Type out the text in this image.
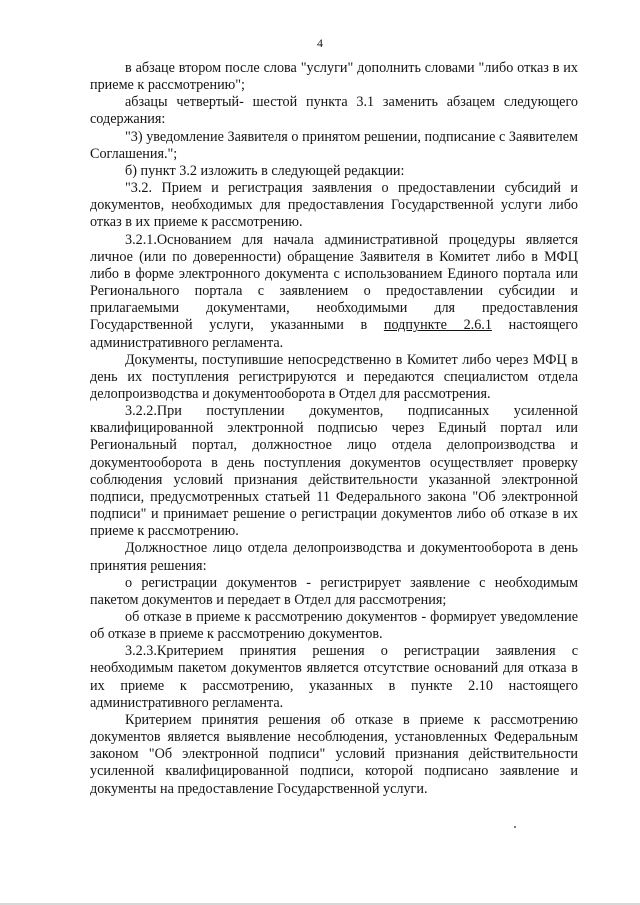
4

в абзаце втором после слова "услуги" дополнить словами "либо отказ в их приеме к рассмотрению";

абзацы четвертый- шестой пункта 3.1 заменить абзацем следующего содержания:

"3) уведомление Заявителя о принятом решении, подписание с Заявителем Соглашения.";

б) пункт 3.2 изложить в следующей редакции:

"3.2. Прием и регистрация заявления о предоставлении субсидий и документов, необходимых для предоставления Государственной услуги либо отказ в их приеме к рассмотрению.

3.2.1.Основанием для начала административной процедуры является личное (или по доверенности) обращение Заявителя в Комитет либо в МФЦ либо в форме электронного документа с использованием Единого портала или Регионального портала с заявлением о предоставлении субсидии и прилагаемыми документами, необходимыми для предоставления Государственной услуги, указанными в подпункте 2.6.1 настоящего административного регламента.

Документы, поступившие непосредственно в Комитет либо через МФЦ в день их поступления регистрируются и передаются специалистом отдела делопроизводства и документооборота в Отдел для рассмотрения.

3.2.2.При поступлении документов, подписанных усиленной квалифицированной электронной подписью через Единый портал или Региональный портал, должностное лицо отдела делопроизводства и документооборота в день поступления документов осуществляет проверку соблюдения условий признания действительности указанной электронной подписи, предусмотренных статьей 11 Федерального закона "Об электронной подписи" и принимает решение о регистрации документов либо об отказе в их приеме к рассмотрению.

Должностное лицо отдела делопроизводства и документооборота в день принятия решения:

о регистрации документов - регистрирует заявление с необходимым пакетом документов и передает в Отдел для рассмотрения;

об отказе в приеме к рассмотрению документов - формирует уведомление об отказе в приеме к рассмотрению документов.

3.2.3.Критерием принятия решения о регистрации заявления с необходимым пакетом документов является отсутствие оснований для отказа в их приеме к рассмотрению, указанных в пункте 2.10 настоящего административного регламента.

Критерием принятия решения об отказе в приеме к рассмотрению документов является выявление несоблюдения, установленных Федеральным законом "Об электронной подписи" условий признания действительности усиленной квалифицированной подписи, которой подписано заявление и документы на предоставление Государственной услуги.
